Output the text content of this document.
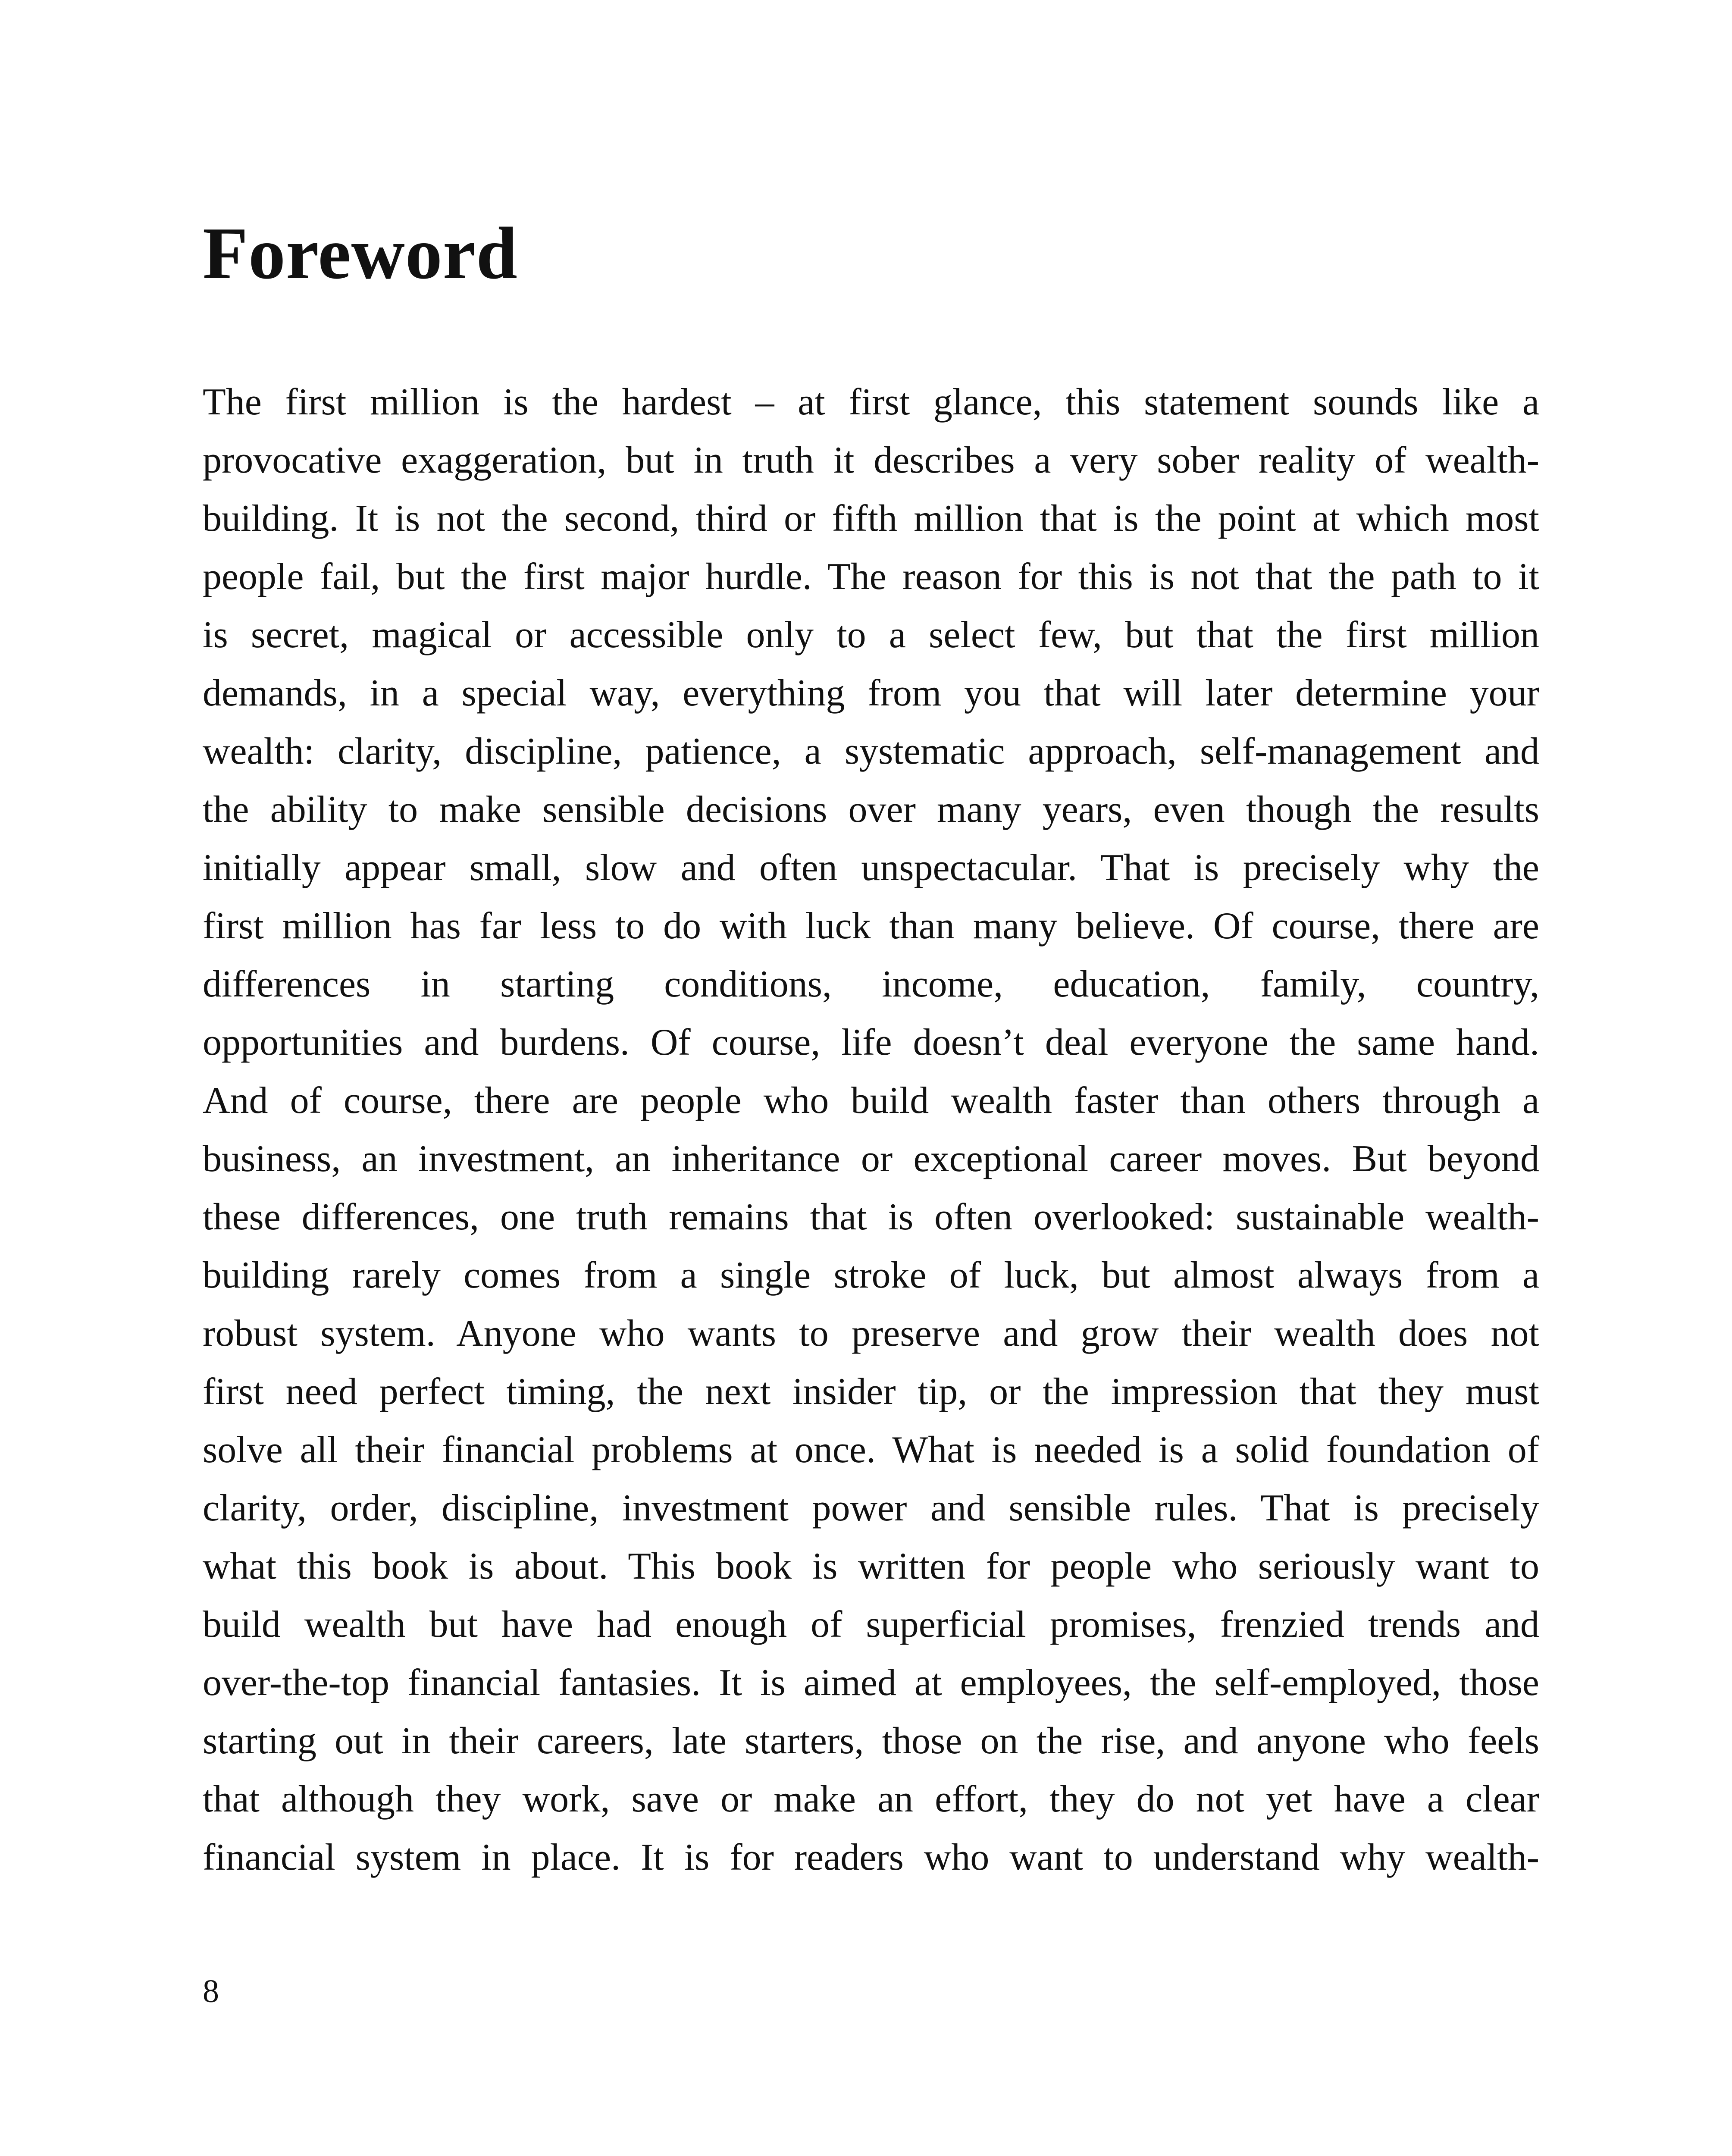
Foreword
The first million is the hardest – at first glance, this statement sounds like a
provocative exaggeration, but in truth it describes a very sober reality of wealth-
building. It is not the second, third or fifth million that is the point at which most
people fail, but the first major hurdle. The reason for this is not that the path to it
is secret, magical or accessible only to a select few, but that the first million
demands, in a special way, everything from you that will later determine your
wealth: clarity, discipline, patience, a systematic approach, self-management and
the ability to make sensible decisions over many years, even though the results
initially appear small, slow and often unspectacular. That is precisely why the
first million has far less to do with luck than many believe. Of course, there are
differences in starting conditions, income, education, family, country,
opportunities and burdens. Of course, life doesn’t deal everyone the same hand.
And of course, there are people who build wealth faster than others through a
business, an investment, an inheritance or exceptional career moves. But beyond
these differences, one truth remains that is often overlooked: sustainable wealth-
building rarely comes from a single stroke of luck, but almost always from a
robust system. Anyone who wants to preserve and grow their wealth does not
first need perfect timing, the next insider tip, or the impression that they must
solve all their financial problems at once. What is needed is a solid foundation of
clarity, order, discipline, investment power and sensible rules. That is precisely
what this book is about. This book is written for people who seriously want to
build wealth but have had enough of superficial promises, frenzied trends and
over-the-top financial fantasies. It is aimed at employees, the self-employed, those
starting out in their careers, late starters, those on the rise, and anyone who feels
that although they work, save or make an effort, they do not yet have a clear
financial system in place. It is for readers who want to understand why wealth-
8
